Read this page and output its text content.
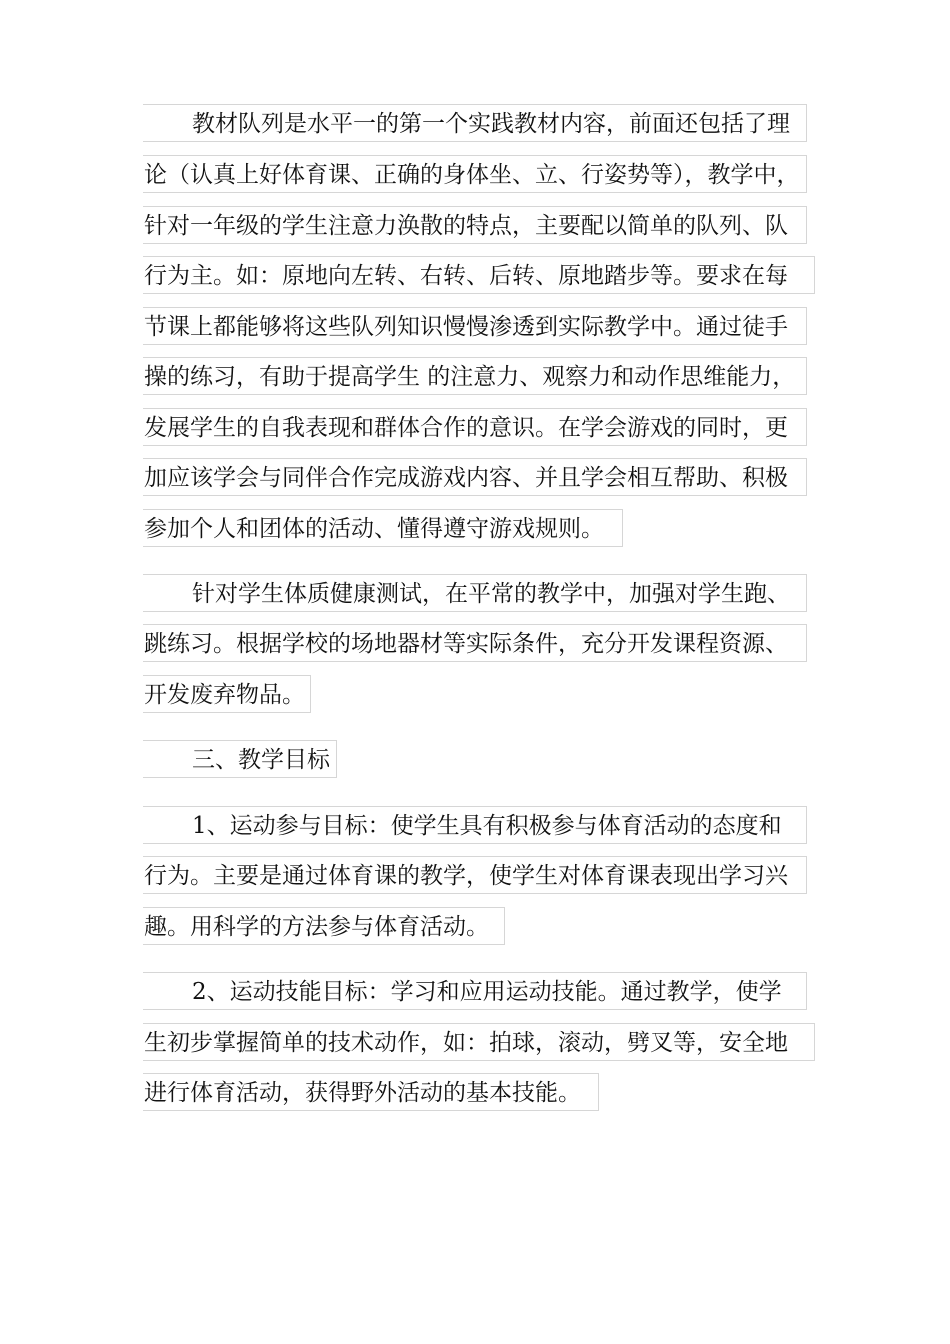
教材队列是水平一的第一个实践教材内容，前面还包括了理
论（认真上好体育课、正确的身体坐、立、行姿势等），教学中，
针对一年级的学生注意力涣散的特点，主要配以简单的队列、队
行为主。如：原地向左转、右转、后转、原地踏步等。要求在每
节课上都能够将这些队列知识慢慢渗透到实际教学中。通过徒手
操的练习，有助于提高学生 的注意力、观察力和动作思维能力，
发展学生的自我表现和群体合作的意识。在学会游戏的同时，更
加应该学会与同伴合作完成游戏内容、并且学会相互帮助、积极
参加个人和团体的活动、懂得遵守游戏规则。
针对学生体质健康测试，在平常的教学中，加强对学生跑、
跳练习。根据学校的场地器材等实际条件，充分开发课程资源、
开发废弃物品。
三、教学目标
1、运动参与目标：使学生具有积极参与体育活动的态度和
行为。主要是通过体育课的教学，使学生对体育课表现出学习兴
趣。用科学的方法参与体育活动。
2、运动技能目标：学习和应用运动技能。通过教学，使学
生初步掌握简单的技术动作，如：拍球，滚动，劈叉等，安全地
进行体育活动，获得野外活动的基本技能。
